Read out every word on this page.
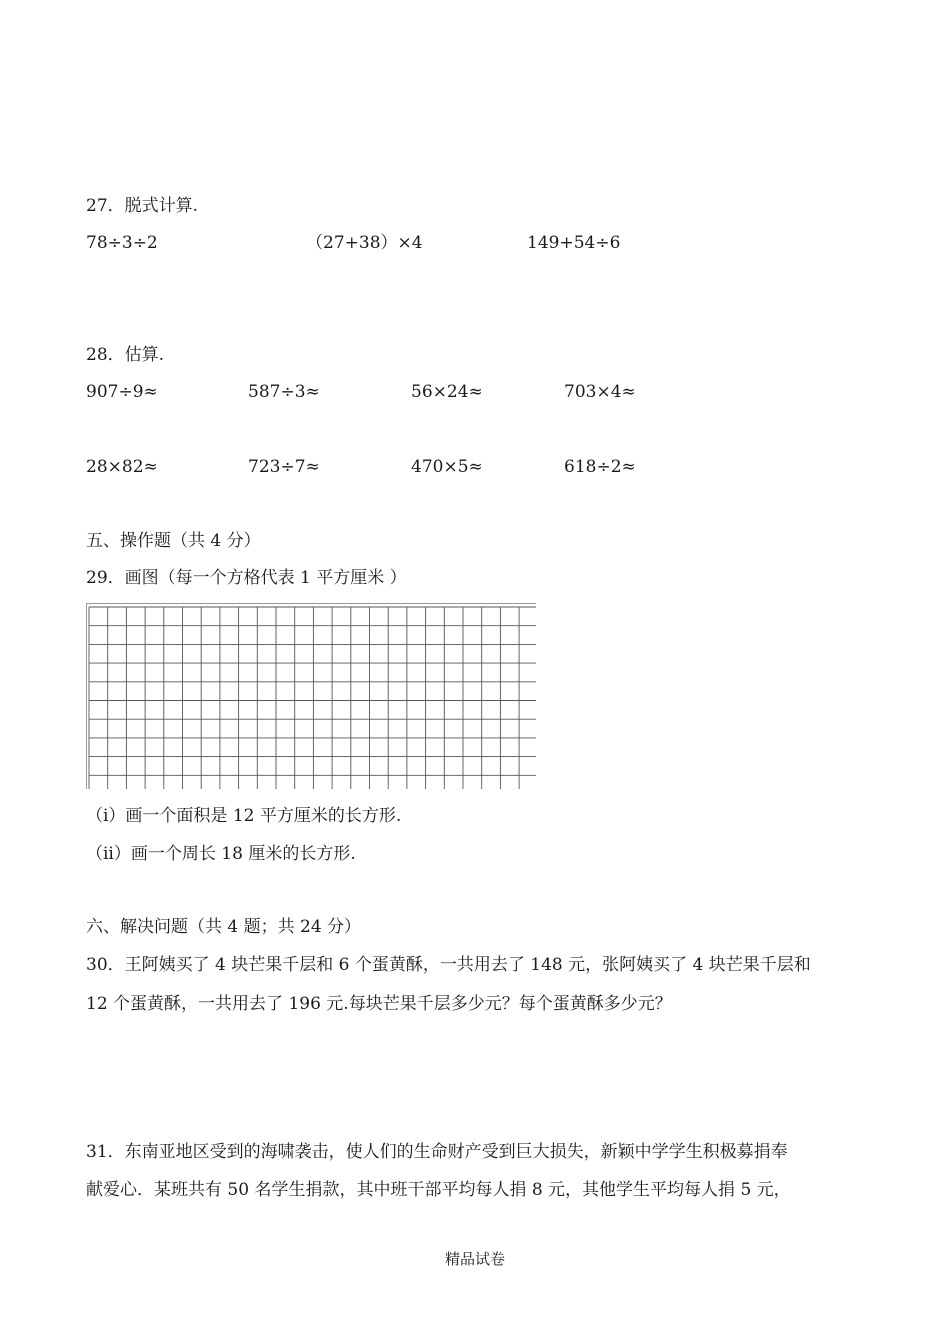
27．脱式计算.
78÷3÷2	（27+38）×4	149+54÷6
28．估算.
907÷9≈	587÷3≈	56×24≈	703×4≈
28×82≈	723÷7≈	470×5≈	618÷2≈
五、操作题（共 4 分）
29．画图（每一个方格代表 1 平方厘米 ）
（i）画一个面积是 12 平方厘米的长方形.
（ii）画一个周长 18 厘米的长方形.
六、解决问题（共 4 题；共 24 分）
30．王阿姨买了 4 块芒果千层和 6 个蛋黄酥，一共用去了 148 元，张阿姨买了 4 块芒果千层和
12 个蛋黄酥，一共用去了 196 元.每块芒果千层多少元？每个蛋黄酥多少元？
31．东南亚地区受到的海啸袭击，使人们的生命财产受到巨大损失，新颖中学学生积极募捐奉
献爱心．某班共有 50 名学生捐款，其中班干部平均每人捐 8 元，其他学生平均每人捐 5 元，
精品试卷
